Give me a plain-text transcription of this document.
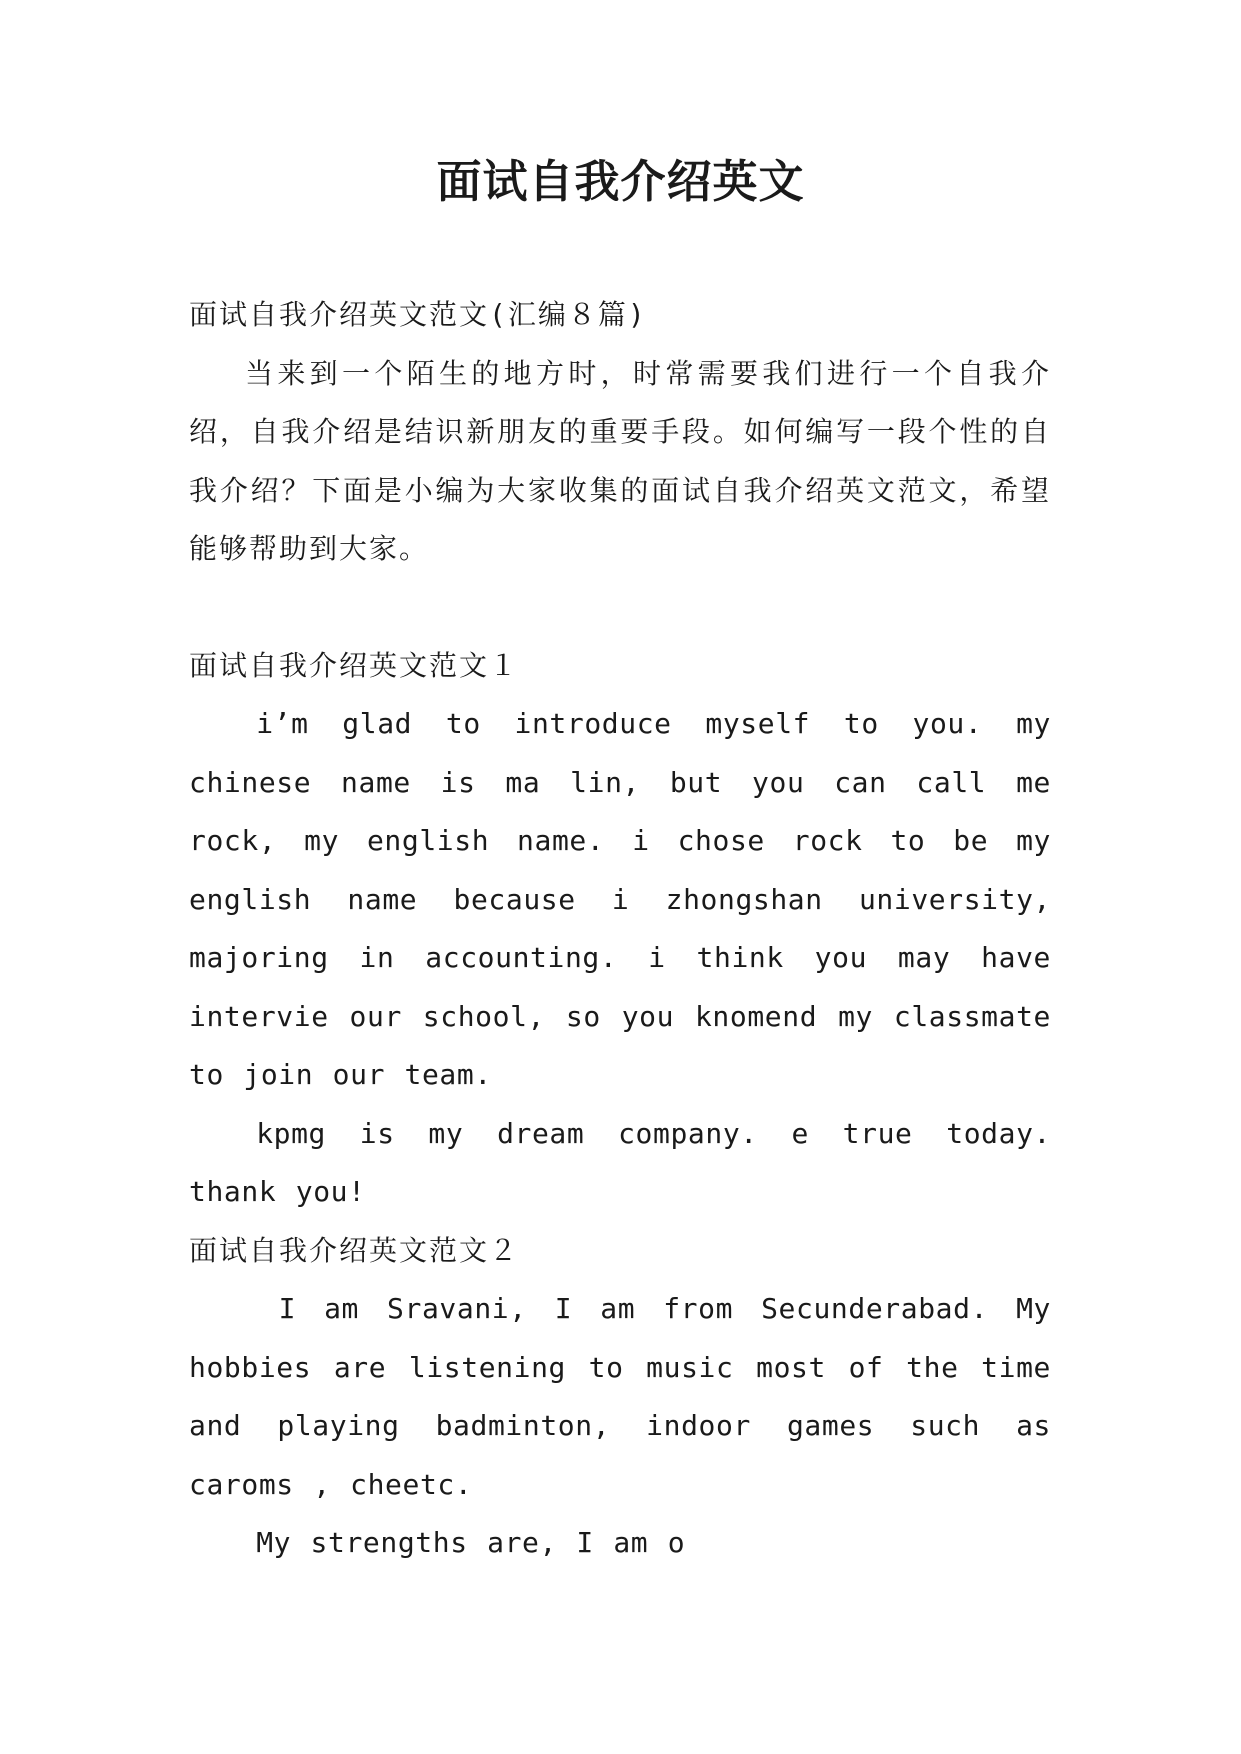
面试自我介绍英文

面试自我介绍英文范文(汇编８篇)

当来到一个陌生的地方时，时常需要我们进行一个自我介绍，自我介绍是结识新朋友的重要手段。如何编写一段个性的自我介绍？下面是小编为大家收集的面试自我介绍英文范文，希望能够帮助到大家。

面试自我介绍英文范文１

i’m glad to introduce myself to you. my chinese name is ma lin, but you can call me rock, my english name. i chose rock to be my english name because i zhongshan university, majoring in accounting. i think you may have intervie our school, so you knomend my classmate to join our team.

kpmg is my dream company. e true today. thank you!

面试自我介绍英文范文２

I am Sravani, I am from Secunderabad. My hobbies are listening to music most of the time and playing badminton, indoor games such as caroms , cheetc.

My strengths are, I am o
